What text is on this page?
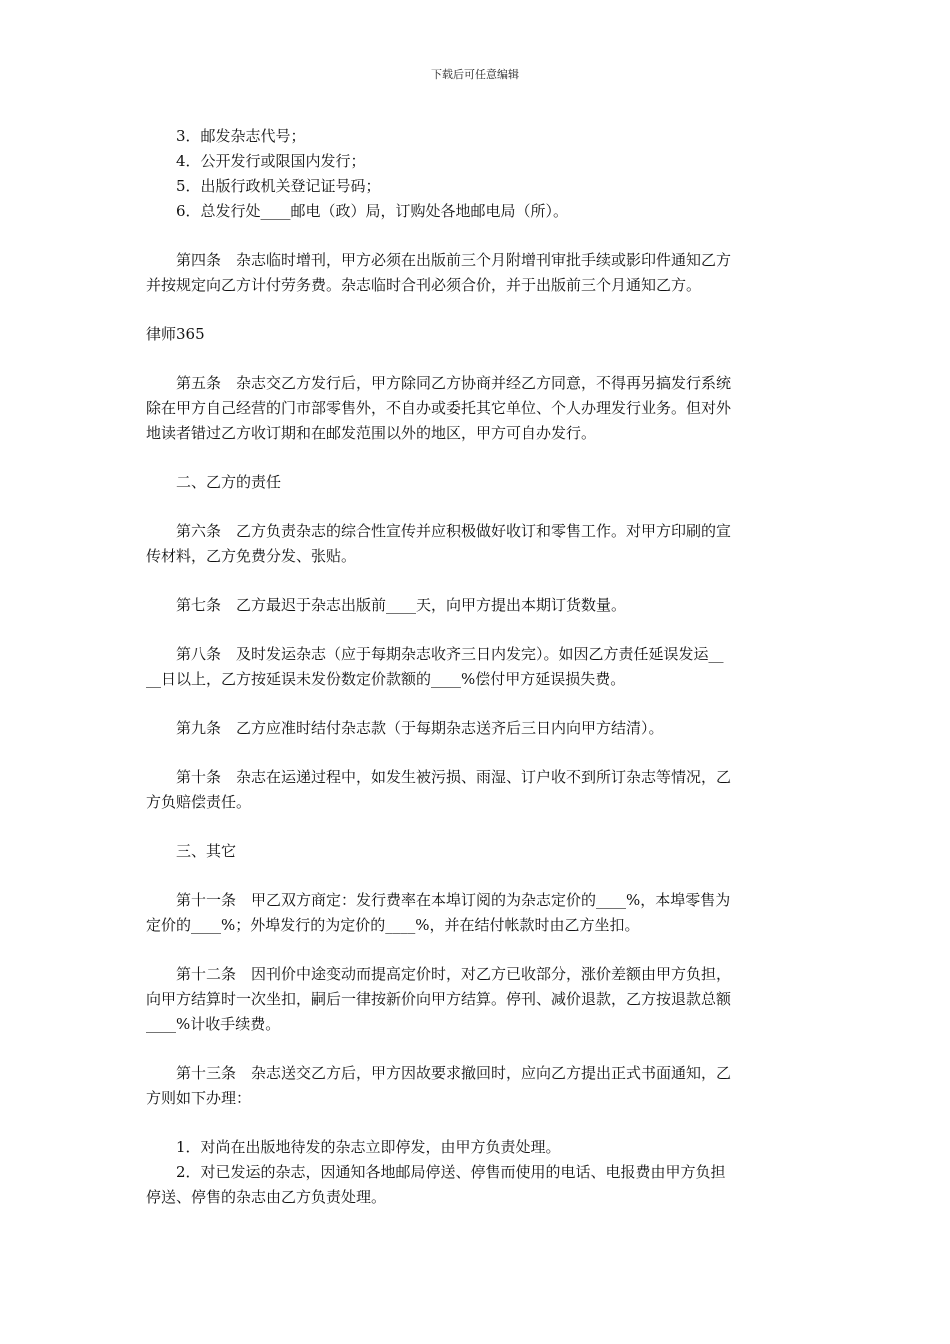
下载后可任意编辑
3．邮发杂志代号；
4．公开发行或限国内发行；
5．出版行政机关登记证号码；
6．总发行处____邮电（政）局，订购处各地邮电局（所）。
第四条　杂志临时增刊，甲方必须在出版前三个月附增刊审批手续或影印件通知乙方
并按规定向乙方计付劳务费。杂志临时合刊必须合价，并于出版前三个月通知乙方。
律师365
第五条　杂志交乙方发行后，甲方除同乙方协商并经乙方同意，不得再另搞发行系统
除在甲方自己经营的门市部零售外，不自办或委托其它单位、个人办理发行业务。但对外
地读者错过乙方收订期和在邮发范围以外的地区，甲方可自办发行。
二、乙方的责任
第六条　乙方负责杂志的综合性宣传并应积极做好收订和零售工作。对甲方印刷的宣
传材料，乙方免费分发、张贴。
第七条　乙方最迟于杂志出版前____天，向甲方提出本期订货数量。
第八条　及时发运杂志（应于每期杂志收齐三日内发完）。如因乙方责任延误发运__
__日以上，乙方按延误未发份数定价款额的____%偿付甲方延误损失费。
第九条　乙方应准时结付杂志款（于每期杂志送齐后三日内向甲方结清）。
第十条　杂志在运递过程中，如发生被污损、雨湿、订户收不到所订杂志等情况，乙
方负赔偿责任。
三、其它
第十一条　甲乙双方商定：发行费率在本埠订阅的为杂志定价的____%，本埠零售为
定价的____%；外埠发行的为定价的____%，并在结付帐款时由乙方坐扣。
第十二条　因刊价中途变动而提高定价时，对乙方已收部分，涨价差额由甲方负担，
向甲方结算时一次坐扣，嗣后一律按新价向甲方结算。停刊、减价退款，乙方按退款总额
____%计收手续费。
第十三条　杂志送交乙方后，甲方因故要求撤回时，应向乙方提出正式书面通知，乙
方则如下办理：
1．对尚在出版地待发的杂志立即停发，由甲方负责处理。
2．对已发运的杂志，因通知各地邮局停送、停售而使用的电话、电报费由甲方负担
停送、停售的杂志由乙方负责处理。
